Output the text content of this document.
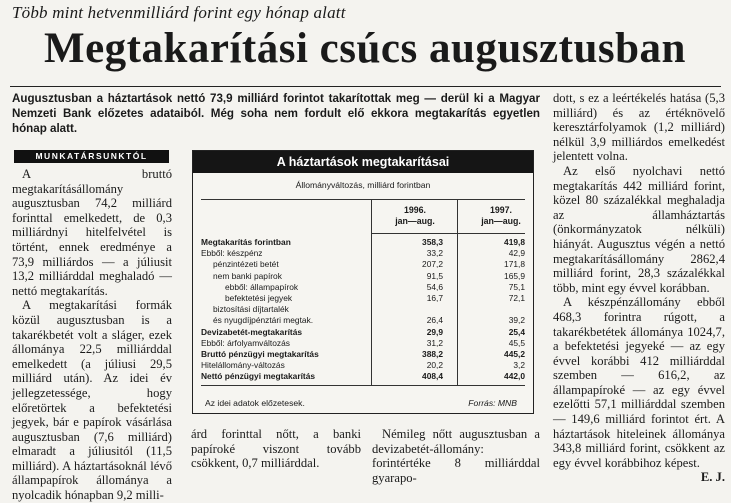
Több mint hetvenmilliárd forint egy hónap alatt
Megtakarítási csúcs augusztusban
Augusztusban a háztartások nettó 73,9 milliárd forintot takarítottak meg — derül ki a Magyar Nemzeti Bank előzetes adataiból. Még soha nem fordult elő ekkora megtakarítás egyetlen hónap alatt.
MUNKATÁRSUNKTÓL

A bruttó megtakarításállomány augusztusban 74,2 milliárd forinttal emelkedett, de 0,3 milliárdnyi hitelfelvétel is történt, ennek eredménye a 73,9 milliárdos — a júliusit 13,2 milliárddal meghaladó — nettó megtakarítás.

A megtakarítási formák közül augusztusban is a takarékbetét volt a sláger, ezek állománya 22,5 milliárddal emelkedett (a júliusi 29,5 milliárd után). Az idei év jellegzetessége, hogy előretörtek a befektetési jegyek, bár e papírok vásárlása augusztusban (7,6 milliárd) elmaradt a júliusitól (11,5 milliárd). A háztartásoknál lévő állampapírok állománya a nyolcadik hónapban 9,2 milli-

A háztartások megtakarításai
Állományváltozás, milliárd forintban
1996.
jan—aug.
1997.
jan—aug.
Megtakarítás forintban	358,3	419,8
Ebből: készpénz	33,2	42,9
pénzintézeti betét	207,2	171,8
nem banki papírok	91,5	165,9
ebből: állampapírok	54,6	75,1
befektetési jegyek	16,7	72,1
biztosítási díjtartalék
és nyugdíjpénztári megtak.	26,4	39,2
Devizabetét-megtakarítás	29,9	25,4
Ebből: árfolyamváltozás	31,2	45,5
Bruttó pénzügyi megtakarítás	388,2	445,2
Hitelállomány-változás	20,2	3,2
Nettó pénzügyi megtakarítás	408,4	442,0
Az idei adatok előzetesek.	Forrás: MNB

árd forinttal nőtt, a banki papíroké viszont tovább csökkent, 0,7 milliárddal.

Némileg nőtt augusztusban a devizabetét-állomány: forintértéke 8 milliárddal gyarapo-

dott, s ez a leértékelés hatása (5,3 milliárd) és az értéknövelő keresztárfolyamok (1,2 milliárd) nélkül 3,9 milliárdos emelkedést jelentett volna.

Az első nyolchavi nettó megtakarítás 442 milliárd forint, közel 80 százalékkal meghaladja az államháztartás (önkormányzatok nélküli) hiányát. Augusztus végén a nettó megtakarításállomány 2862,4 milliárd forint, 28,3 százalékkal több, mint egy évvel korábban.

A készpénzállomány ebből 468,3 forintra rúgott, a takarékbetétek állománya 1024,7, a befektetési jegyeké — az egy évvel korábbi 412 milliárddal szemben — 616,2, az állampapíroké — az egy évvel ezelőtti 57,1 milliárddal szemben — 149,6 milliárd forintot ért. A háztartások hiteleinek állománya 343,8 milliárd forint, csökkent az egy évvel korábbihoz képest.

E. J.
